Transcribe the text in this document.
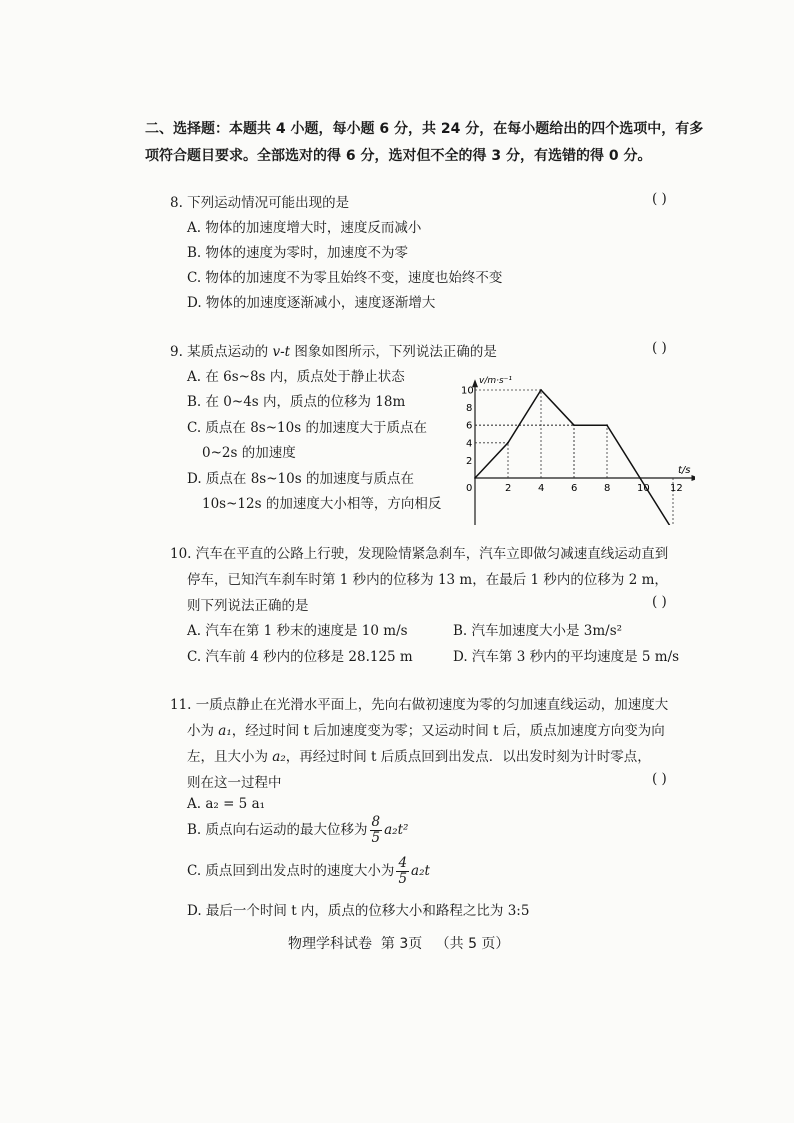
二、选择题：本题共 4 小题，每小题 6 分，共 24 分，在每小题给出的四个选项中，有多
项符合题目要求。全部选对的得 6 分，选对但不全的得 3 分，有选错的得 0 分。
8. 下列运动情况可能出现的是	( )
A. 物体的加速度增大时，速度反而减小
B. 物体的速度为零时，加速度不为零
C. 物体的加速度不为零且始终不变，速度也始终不变
D. 物体的加速度逐渐减小，速度逐渐增大
9. 某质点运动的 v-t 图象如图所示，下列说法正确的是	( )
A. 在 6s~8s 内，质点处于静止状态
B. 在 0~4s 内，质点的位移为 18m
C. 质点在 8s~10s 的加速度大于质点在
0~2s 的加速度
D. 质点在 8s~10s 的加速度与质点在
10s~12s 的加速度大小相等，方向相反
0	2	4	6	8	10 12
2
4
6
8
10
v/m·s⁻¹
t/s
10. 汽车在平直的公路上行驶，发现险情紧急刹车，汽车立即做匀减速直线运动直到
停车，已知汽车刹车时第 1 秒内的位移为 13 m，在最后 1 秒内的位移为 2 m，
则下列说法正确的是	( )
A. 汽车在第 1 秒末的速度是 10 m/s	B. 汽车加速度大小是 3m/s²
C. 汽车前 4 秒内的位移是 28.125 m	D. 汽车第 3 秒内的平均速度是 5 m/s
11. 一质点静止在光滑水平面上，先向右做初速度为零的匀加速直线运动，加速度大
小为 a₁，经过时间 t 后加速度变为零；又运动时间 t 后，质点加速度方向变为向
左，且大小为 a₂，再经过时间 t 后质点回到出发点．以出发时刻为计时零点，
则在这一过程中	( )
A. a₂ = 5 a₁
B. 质点向右运动的最大位移为 $\frac{8}{5} a_2t^2$
C. 质点回到出发点时的速度大小为 $\frac{4}{5} a_2t$
D. 最后一个时间 t 内，质点的位移大小和路程之比为 3:5
物理学科试卷 第 3页 （共 5 页）
